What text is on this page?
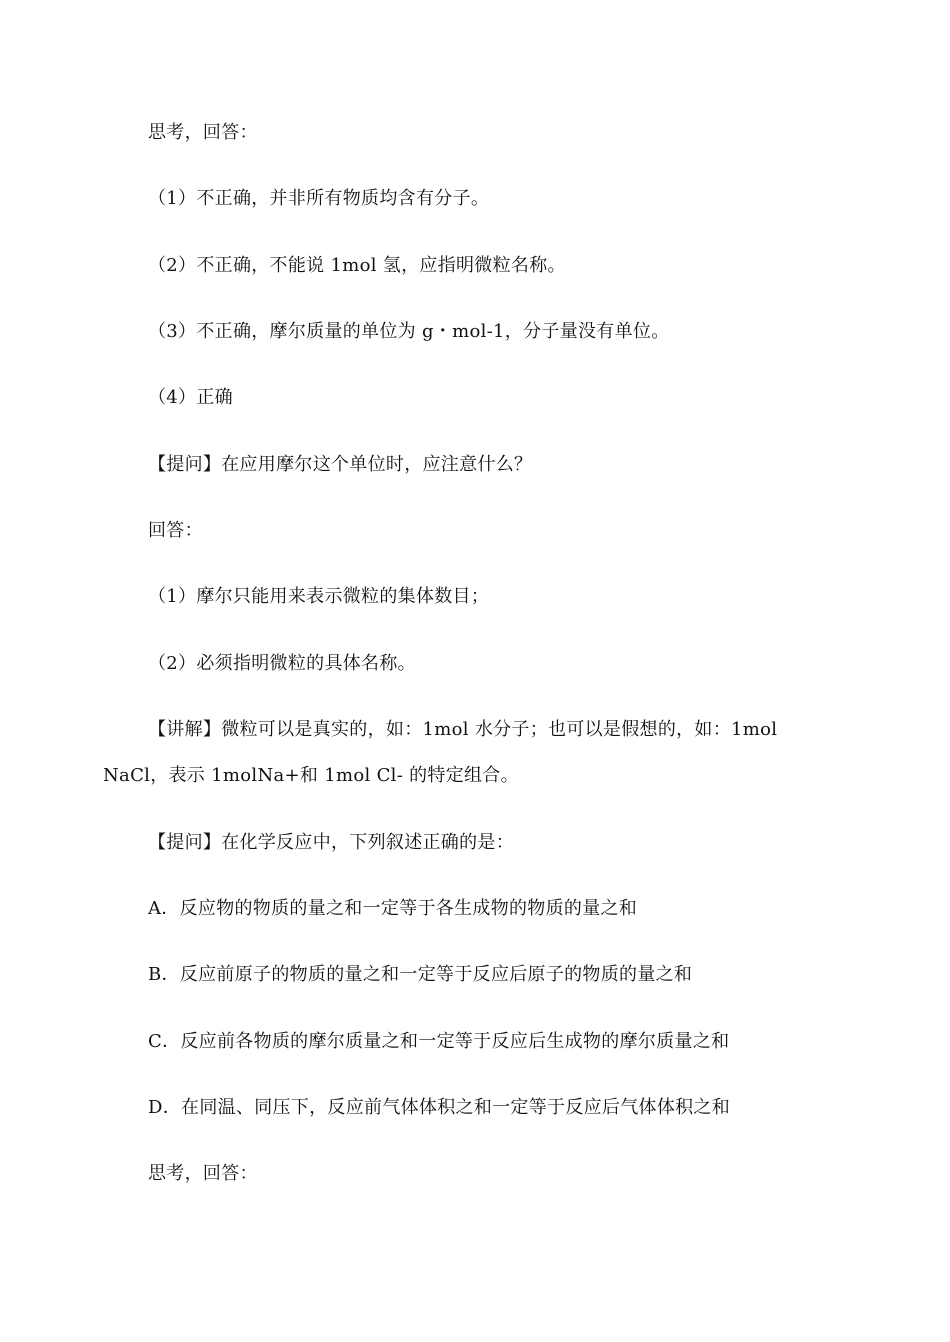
思考，回答：
（1）不正确，并非所有物质均含有分子。
（2）不正确，不能说 1mol 氢，应指明微粒名称。
（3）不正确，摩尔质量的单位为 g・mol-1，分子量没有单位。
（4）正确
【提问】在应用摩尔这个单位时，应注意什么？
回答：
（1）摩尔只能用来表示微粒的集体数目；
（2）必须指明微粒的具体名称。
【讲解】微粒可以是真实的，如：1mol 水分子；也可以是假想的，如：1mol
NaCl，表示 1molNa+和 1mol Cl- 的特定组合。
【提问】在化学反应中，下列叙述正确的是：
A．反应物的物质的量之和一定等于各生成物的物质的量之和
B．反应前原子的物质的量之和一定等于反应后原子的物质的量之和
C．反应前各物质的摩尔质量之和一定等于反应后生成物的摩尔质量之和
D．在同温、同压下，反应前气体体积之和一定等于反应后气体体积之和
思考，回答：
